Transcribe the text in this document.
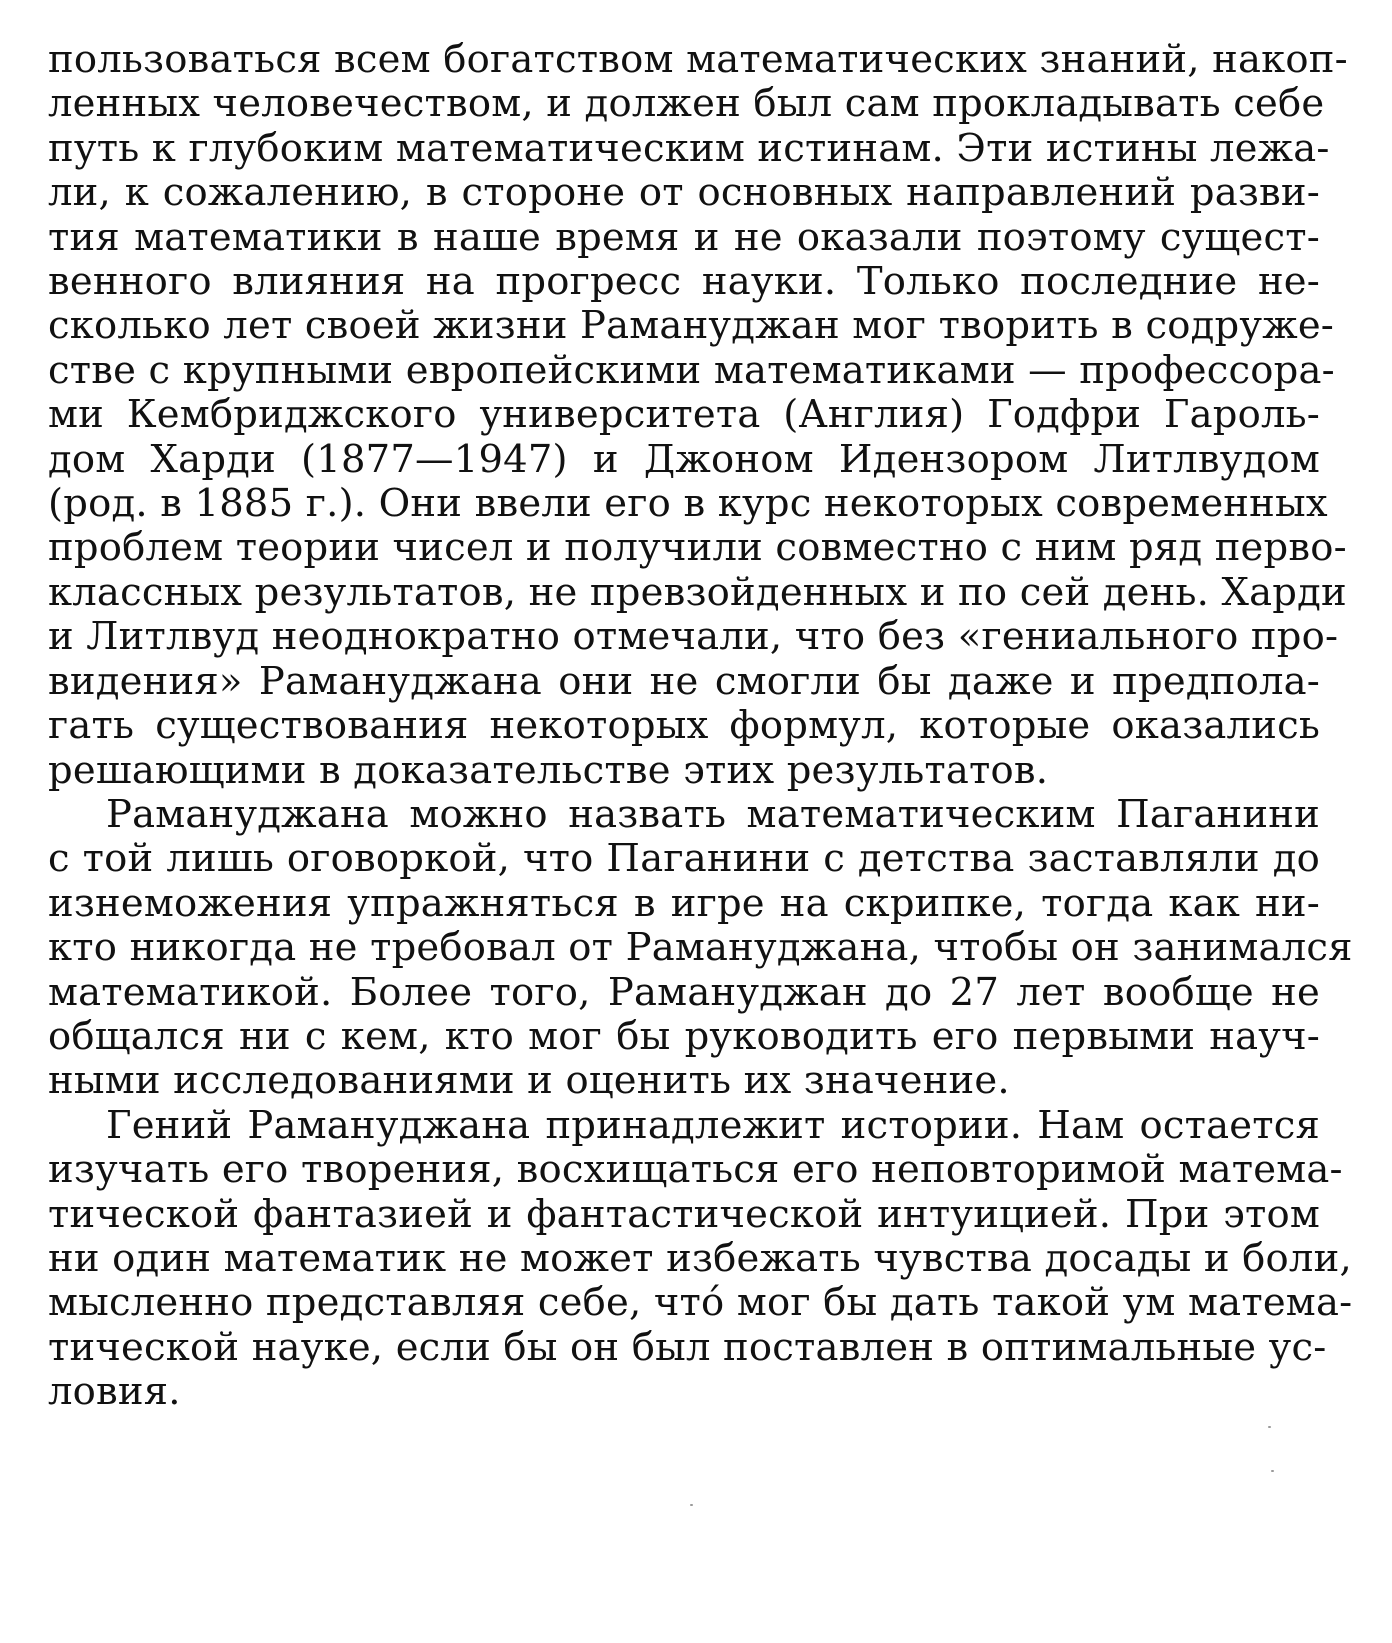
пользоваться всем богатством математических знаний, накоп-
ленных человечеством, и должен был сам прокладывать себе
путь к глубоким математическим истинам. Эти истины лежа-
ли, к сожалению, в стороне от основных направлений разви-
тия математики в наше время и не оказали поэтому сущест-
венного влияния на прогресс науки. Только последние не-
сколько лет своей жизни Рамануджан мог творить в содруже-
стве с крупными европейскими математиками — профессора-
ми Кембриджского университета (Англия) Годфри Гароль-
дом Харди (1877—1947) и Джоном Идензором Литлвудом
(род. в 1885 г.). Они ввели его в курс некоторых современных
проблем теории чисел и получили совместно с ним ряд перво-
классных результатов, не превзойденных и по сей день. Харди
и Литлвуд неоднократно отмечали, что без «гениального про-
видения» Рамануджана они не смогли бы даже и предпола-
гать существования некоторых формул, которые оказались
решающими в доказательстве этих результатов.

Рамануджана можно назвать математическим Паганини
с той лишь оговоркой, что Паганини с детства заставляли до
изнеможения упражняться в игре на скрипке, тогда как ни-
кто никогда не требовал от Рамануджана, чтобы он занимался
математикой. Более того, Рамануджан до 27 лет вообще не
общался ни с кем, кто мог бы руководить его первыми науч-
ными исследованиями и оценить их значение.

Гений Рамануджана принадлежит истории. Нам остается
изучать его творения, восхищаться его неповторимой матема-
тической фантазией и фантастической интуицией. При этом
ни один математик не может избежать чувства досады и боли,
мысленно представляя себе, что́ мог бы дать такой ум матема-
тической науке, если бы он был поставлен в оптимальные ус-
ловия.
